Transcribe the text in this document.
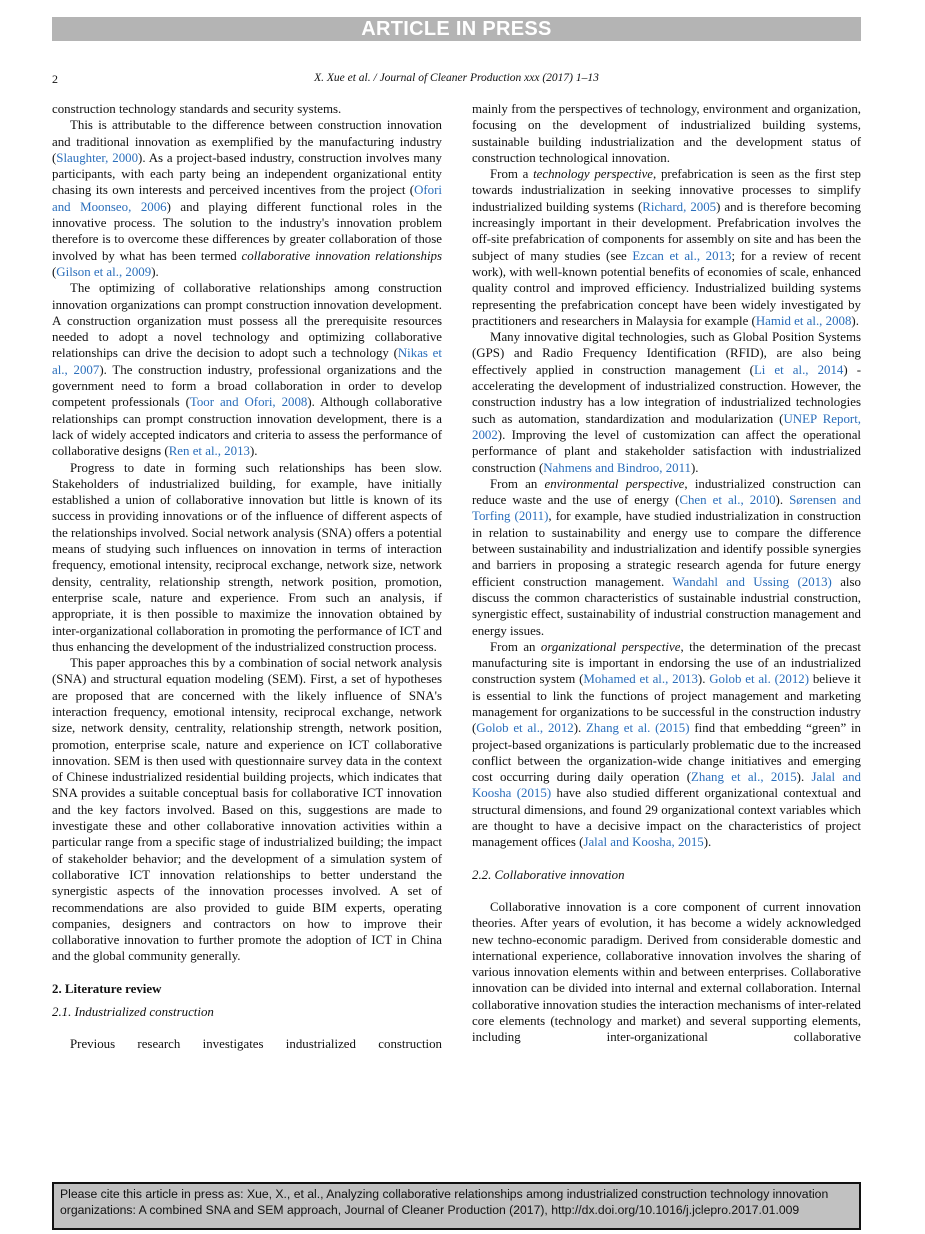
ARTICLE IN PRESS
2	X. Xue et al. / Journal of Cleaner Production xxx (2017) 1–13

construction technology standards and security systems.

This is attributable to the difference between construction innovation and traditional innovation as exemplified by the manufacturing industry (Slaughter, 2000). As a project-based industry, construction involves many participants, with each party being an independent organizational entity chasing its own interests and perceived incentives from the project (Ofori and Moonseo, 2006) and playing different functional roles in the innovative process. The solution to the industry's innovation problem therefore is to overcome these differences by greater collaboration of those involved by what has been termed collaborative innovation relationships (Gilson et al., 2009).

The optimizing of collaborative relationships among construction innovation organizations can prompt construction innovation development. A construction organization must possess all the prerequisite resources needed to adopt a novel technology and optimizing collaborative relationships can drive the decision to adopt such a technology (Nikas et al., 2007). The construction industry, professional organizations and the government need to form a broad collaboration in order to develop competent professionals (Toor and Ofori, 2008). Although collaborative relationships can prompt construction innovation development, there is a lack of widely accepted indicators and criteria to assess the performance of collaborative designs (Ren et al., 2013).

Progress to date in forming such relationships has been slow. Stakeholders of industrialized building, for example, have initially established a union of collaborative innovation but little is known of its success in providing innovations or of the influence of different aspects of the relationships involved. Social network analysis (SNA) offers a potential means of studying such influences on innovation in terms of interaction frequency, emotional intensity, reciprocal exchange, network size, network density, centrality, relationship strength, network position, promotion, enterprise scale, nature and experience. From such an analysis, if appropriate, it is then possible to maximize the innovation obtained by inter-organizational collaboration in promoting the performance of ICT and thus enhancing the development of the industrialized construction process.

This paper approaches this by a combination of social network analysis (SNA) and structural equation modeling (SEM). First, a set of hypotheses are proposed that are concerned with the likely influence of SNA's interaction frequency, emotional intensity, reciprocal exchange, network size, network density, centrality, relationship strength, network position, promotion, enterprise scale, nature and experience on ICT collaborative innovation. SEM is then used with questionnaire survey data in the context of Chinese industrialized residential building projects, which indicates that SNA provides a suitable conceptual basis for collaborative ICT innovation and the key factors involved. Based on this, suggestions are made to investigate these and other collaborative innovation activities within a particular range from a specific stage of industrialized building; the impact of stakeholder behavior; and the development of a simulation system of collaborative ICT innovation relationships to better understand the synergistic aspects of the innovation processes involved. A set of recommendations are also provided to guide BIM experts, operating companies, designers and contractors on how to improve their collaborative innovation to further promote the adoption of ICT in China and the global community generally.

2. Literature review
2.1. Industrialized construction

Previous research investigates industrialized construction

mainly from the perspectives of technology, environment and organization, focusing on the development of industrialized building systems, sustainable building industrialization and the development status of construction technological innovation.

From a technology perspective, prefabrication is seen as the first step towards industrialization in seeking innovative processes to simplify industrialized building systems (Richard, 2005) and is therefore becoming increasingly important in their development. Prefabrication involves the off-site prefabrication of components for assembly on site and has been the subject of many studies (see Ezcan et al., 2013; for a review of recent work), with well-known potential benefits of economies of scale, enhanced quality control and improved efficiency. Industrialized building systems representing the prefabrication concept have been widely investigated by practitioners and researchers in Malaysia for example (Hamid et al., 2008).

Many innovative digital technologies, such as Global Position Systems (GPS) and Radio Frequency Identification (RFID), are also being effectively applied in construction management (Li et al., 2014) - accelerating the development of industrialized construction. However, the construction industry has a low integration of industrialized technologies such as automation, standardization and modularization (UNEP Report, 2002). Improving the level of customization can affect the operational performance of plant and stakeholder satisfaction with industrialized construction (Nahmens and Bindroo, 2011).

From an environmental perspective, industrialized construction can reduce waste and the use of energy (Chen et al., 2010). Sørensen and Torfing (2011), for example, have studied industrialization in construction in relation to sustainability and energy use to compare the difference between sustainability and industrialization and identify possible synergies and barriers in proposing a strategic research agenda for future energy efficient construction management. Wandahl and Ussing (2013) also discuss the common characteristics of sustainable industrial construction, synergistic effect, sustainability of industrial construction management and energy issues.

From an organizational perspective, the determination of the precast manufacturing site is important in endorsing the use of an industrialized construction system (Mohamed et al., 2013). Golob et al. (2012) believe it is essential to link the functions of project management and marketing management for organizations to be successful in the construction industry (Golob et al., 2012). Zhang et al. (2015) find that embedding “green” in project-based organizations is particularly problematic due to the increased conflict between the organization-wide change initiatives and emerging cost occurring during daily operation (Zhang et al., 2015). Jalal and Koosha (2015) have also studied different organizational contextual and structural dimensions, and found 29 organizational context variables which are thought to have a decisive impact on the characteristics of project management offices (Jalal and Koosha, 2015).

2.2. Collaborative innovation

Collaborative innovation is a core component of current innovation theories. After years of evolution, it has become a widely acknowledged new techno-economic paradigm. Derived from considerable domestic and international experience, collaborative innovation involves the sharing of various innovation elements within and between enterprises. Collaborative innovation can be divided into internal and external collaboration. Internal collaborative innovation studies the interaction mechanisms of inter-related core elements (technology and market) and several supporting elements, including inter-organizational collaborative

Please cite this article in press as: Xue, X., et al., Analyzing collaborative relationships among industrialized construction technology innovation
organizations: A combined SNA and SEM approach, Journal of Cleaner Production (2017), http://dx.doi.org/10.1016/j.jclepro.2017.01.009
